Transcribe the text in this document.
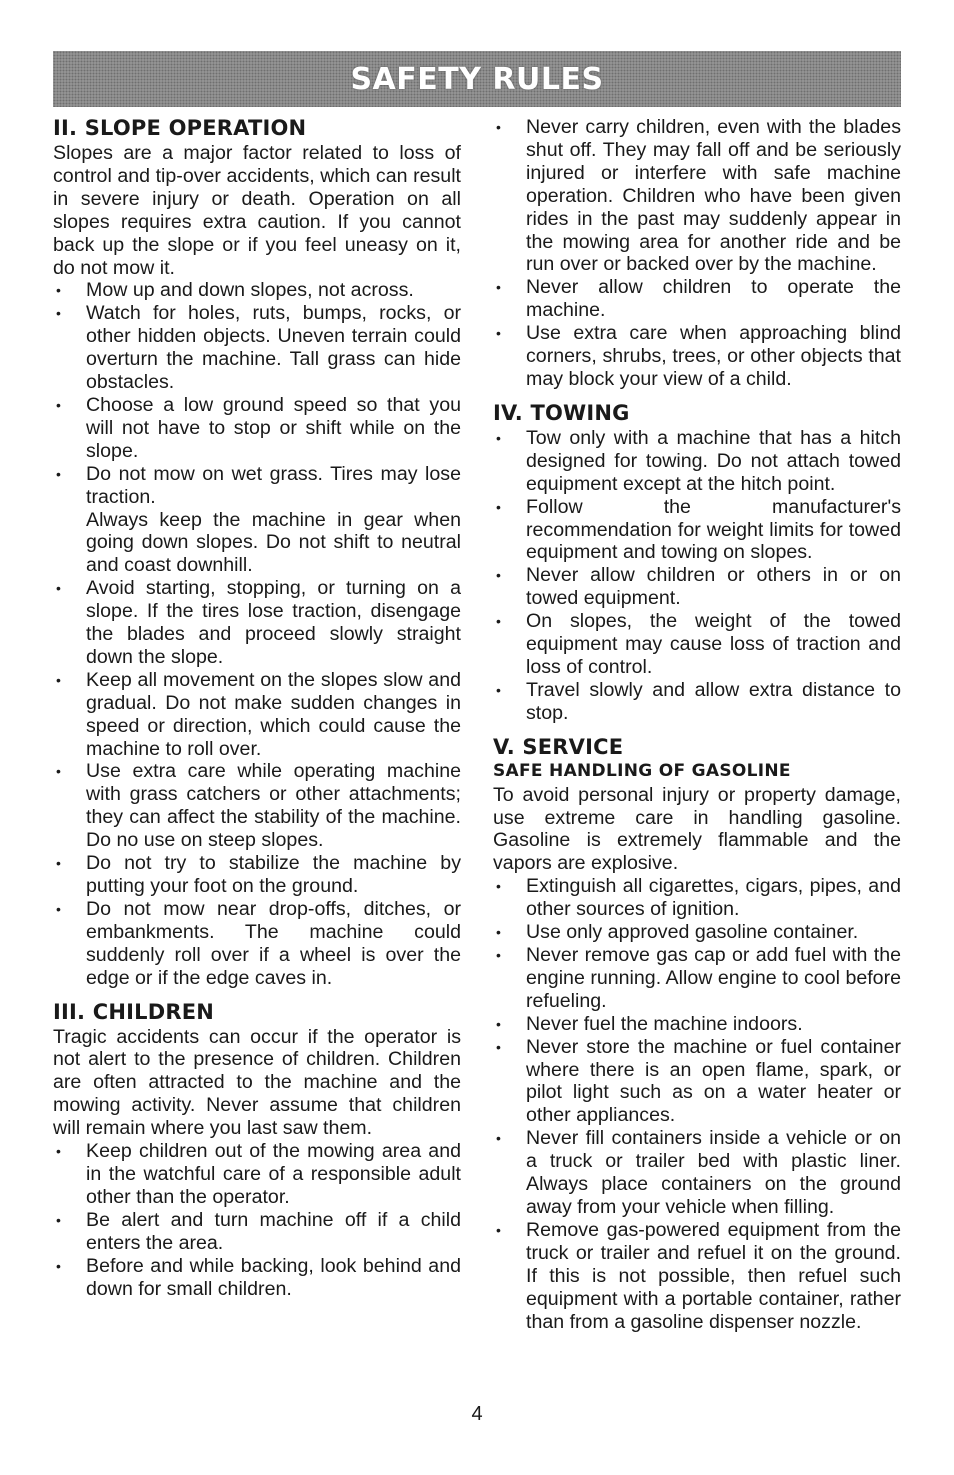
SAFETY RULES
II. SLOPE OPERATION

Slopes are a major factor related to loss of control and tip-over accidents, which can result in severe injury or death. Operation on all slopes requires extra caution. If you cannot back up the slope or if you feel uneasy on it, do not mow it.

• Mow up and down slopes, not across.
• Watch for holes, ruts, bumps, rocks, or other hidden objects. Uneven terrain could overturn the machine. Tall grass can hide obstacles.
• Choose a low ground speed so that you will not have to stop or shift while on the slope.
• Do not mow on wet grass. Tires may lose traction.
Always keep the machine in gear when going down slopes. Do not shift to neutral and coast downhill.
• Avoid starting, stopping, or turning on a slope. If the tires lose traction, disengage the blades and proceed slowly straight down the slope.
• Keep all movement on the slopes slow and gradual. Do not make sudden changes in speed or direction, which could cause the machine to roll over.
• Use extra care while operating machine with grass catchers or other attachments; they can affect the stability of the machine. Do no use on steep slopes.
• Do not try to stabilize the machine by putting your foot on the ground.
• Do not mow near drop-offs, ditches, or embankments. The machine could suddenly roll over if a wheel is over the edge or if the edge caves in.
III. CHILDREN

Tragic accidents can occur if the operator is not alert to the presence of children. Children are often attracted to the machine and the mowing activity. Never assume that children will remain where you last saw them.

• Keep children out of the mowing area and in the watchful care of a responsible adult other than the operator.
• Be alert and turn machine off if a child enters the area.
• Before and while backing, look behind and down for small children.
• Never carry children, even with the blades shut off. They may fall off and be seriously injured or interfere with safe machine operation. Children who have been given rides in the past may suddenly appear in the mowing area for another ride and be run over or backed over by the machine.
• Never allow children to operate the machine.
• Use extra care when approaching blind corners, shrubs, trees, or other objects that may block your view of a child.
IV. TOWING
• Tow only with a machine that has a hitch designed for towing. Do not attach towed equipment except at the hitch point.
• Follow the manufacturer's recommendation for weight limits for towed equipment and towing on slopes.
• Never allow children or others in or on towed equipment.
• On slopes, the weight of the towed equipment may cause loss of traction and loss of control.
• Travel slowly and allow extra distance to stop.
V. SERVICE
SAFE HANDLING OF GASOLINE

To avoid personal injury or property damage, use extreme care in handling gasoline. Gasoline is extremely flammable and the vapors are explosive.

• Extinguish all cigarettes, cigars, pipes, and other sources of ignition.
• Use only approved gasoline container.
• Never remove gas cap or add fuel with the engine running. Allow engine to cool before refueling.
• Never fuel the machine indoors.
• Never store the machine or fuel container where there is an open flame, spark, or pilot light such as on a water heater or other appliances.
• Never fill containers inside a vehicle or on a truck or trailer bed with plastic liner. Always place containers on the ground away from your vehicle when filling.
• Remove gas-powered equipment from the truck or trailer and refuel it on the ground. If this is not possible, then refuel such equipment with a portable container, rather than from a gasoline dispenser nozzle.
4
